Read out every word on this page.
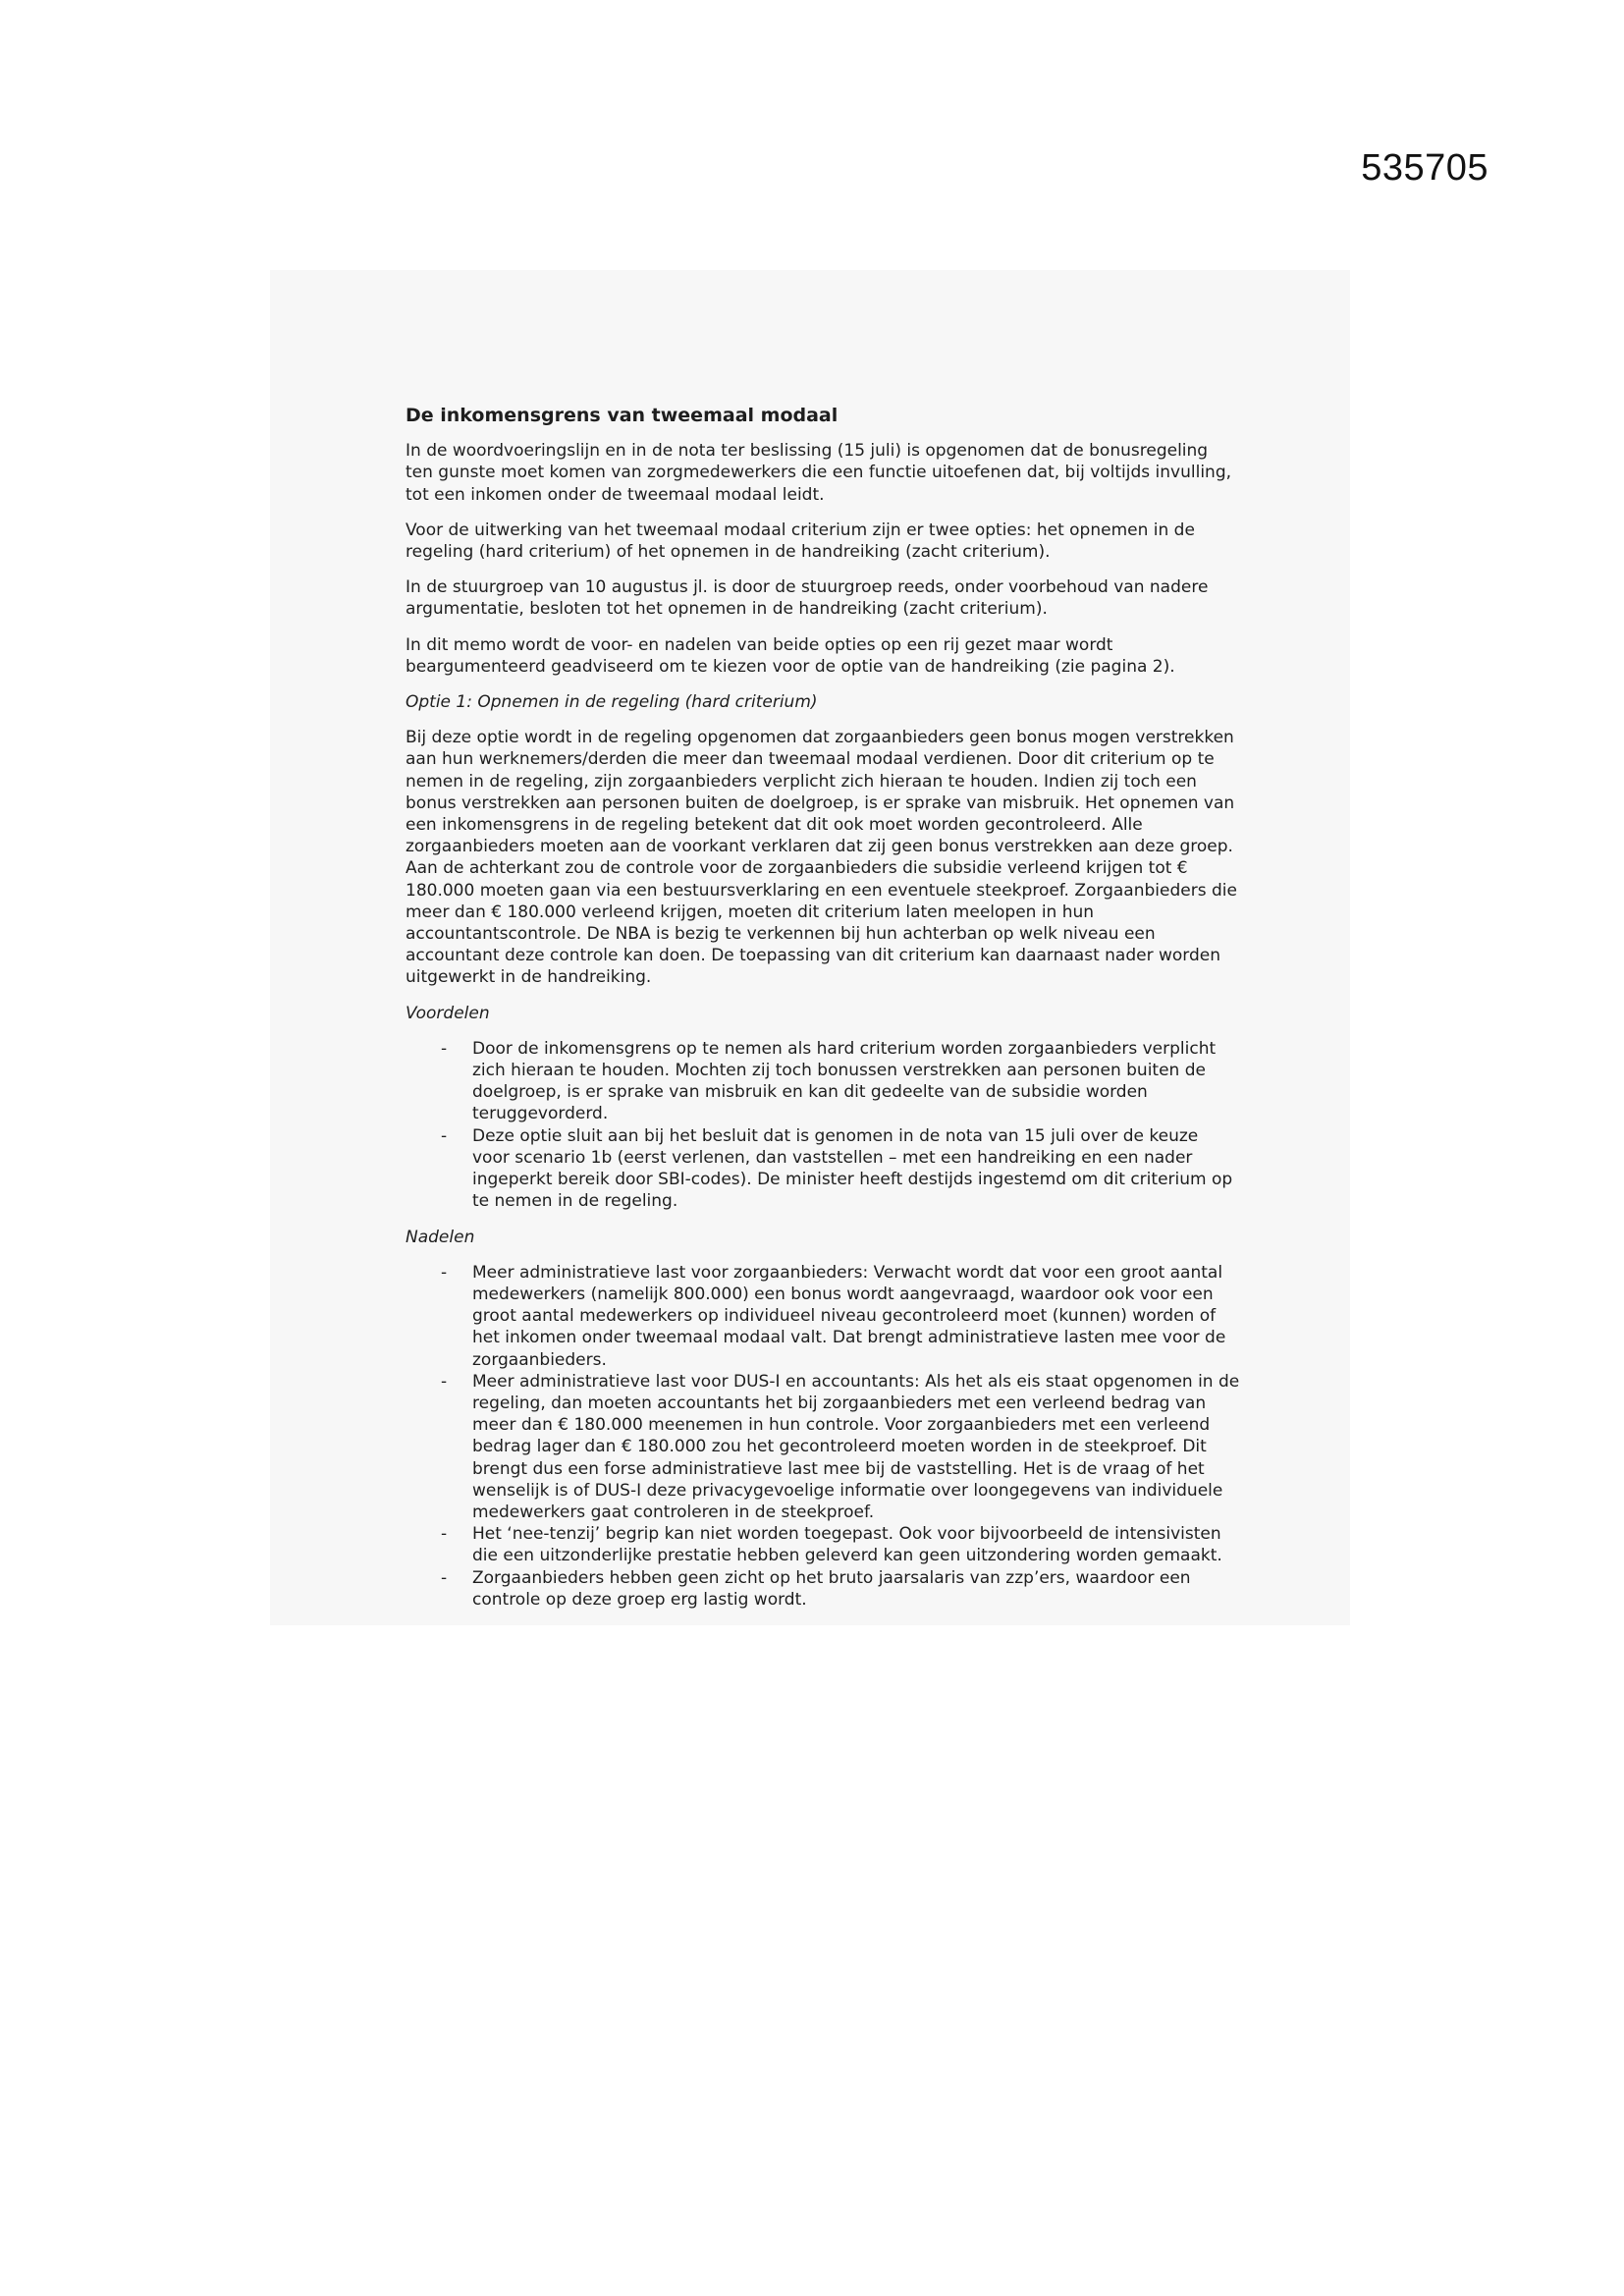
535705
De inkomensgrens van tweemaal modaal

In de woordvoeringslijn en in de nota ter beslissing (15 juli) is opgenomen dat de bonusregeling ten gunste moet komen van zorgmedewerkers die een functie uitoefenen dat, bij voltijds invulling, tot een inkomen onder de tweemaal modaal leidt.

Voor de uitwerking van het tweemaal modaal criterium zijn er twee opties: het opnemen in de regeling (hard criterium) of het opnemen in de handreiking (zacht criterium).

In de stuurgroep van 10 augustus jl. is door de stuurgroep reeds, onder voorbehoud van nadere argumentatie, besloten tot het opnemen in de handreiking (zacht criterium).

In dit memo wordt de voor- en nadelen van beide opties op een rij gezet maar wordt beargumenteerd geadviseerd om te kiezen voor de optie van de handreiking (zie pagina 2).

Optie 1: Opnemen in de regeling (hard criterium)

Bij deze optie wordt in de regeling opgenomen dat zorgaanbieders geen bonus mogen verstrekken aan hun werknemers/derden die meer dan tweemaal modaal verdienen. Door dit criterium op te nemen in de regeling, zijn zorgaanbieders verplicht zich hieraan te houden. Indien zij toch een bonus verstrekken aan personen buiten de doelgroep, is er sprake van misbruik. Het opnemen van een inkomensgrens in de regeling betekent dat dit ook moet worden gecontroleerd. Alle zorgaanbieders moeten aan de voorkant verklaren dat zij geen bonus verstrekken aan deze groep. Aan de achterkant zou de controle voor de zorgaanbieders die subsidie verleend krijgen tot € 180.000 moeten gaan via een bestuursverklaring en een eventuele steekproef. Zorgaanbieders die meer dan € 180.000 verleend krijgen, moeten dit criterium laten meelopen in hun accountantscontrole. De NBA is bezig te verkennen bij hun achterban op welk niveau een accountant deze controle kan doen. De toepassing van dit criterium kan daarnaast nader worden uitgewerkt in de handreiking.

Voordelen
- Door de inkomensgrens op te nemen als hard criterium worden zorgaanbieders verplicht zich hieraan te houden. Mochten zij toch bonussen verstrekken aan personen buiten de doelgroep, is er sprake van misbruik en kan dit gedeelte van de subsidie worden teruggevorderd.
- Deze optie sluit aan bij het besluit dat is genomen in de nota van 15 juli over de keuze voor scenario 1b (eerst verlenen, dan vaststellen – met een handreiking en een nader ingeperkt bereik door SBI-codes). De minister heeft destijds ingestemd om dit criterium op te nemen in de regeling.
Nadelen
- Meer administratieve last voor zorgaanbieders: Verwacht wordt dat voor een groot aantal medewerkers (namelijk 800.000) een bonus wordt aangevraagd, waardoor ook voor een groot aantal medewerkers op individueel niveau gecontroleerd moet (kunnen) worden of het inkomen onder tweemaal modaal valt. Dat brengt administratieve lasten mee voor de zorgaanbieders.
- Meer administratieve last voor DUS-I en accountants: Als het als eis staat opgenomen in de regeling, dan moeten accountants het bij zorgaanbieders met een verleend bedrag van meer dan € 180.000 meenemen in hun controle. Voor zorgaanbieders met een verleend bedrag lager dan € 180.000 zou het gecontroleerd moeten worden in de steekproef. Dit brengt dus een forse administratieve last mee bij de vaststelling. Het is de vraag of het wenselijk is of DUS-I deze privacygevoelige informatie over loongegevens van individuele medewerkers gaat controleren in de steekproef.
- Het ‘nee-tenzij’ begrip kan niet worden toegepast. Ook voor bijvoorbeeld de intensivisten die een uitzonderlijke prestatie hebben geleverd kan geen uitzondering worden gemaakt.
- Zorgaanbieders hebben geen zicht op het bruto jaarsalaris van zzp’ers, waardoor een controle op deze groep erg lastig wordt.
